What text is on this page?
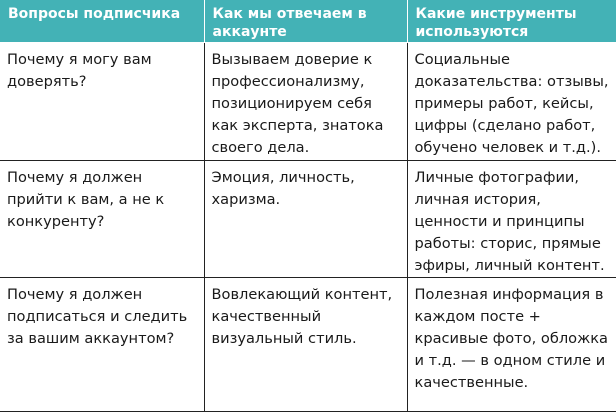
Вопросы подписчика	Как мы отвечаем в аккаунте	Какие инструменты используются
Почему я могу вам доверять?	Вызываем доверие к профессионализму, позиционируем себя как эксперта, знатока своего дела.	Социальные доказательства: отзывы, примеры работ, кейсы, цифры (сделано работ, обучено человек и т.д.).
Почему я должен прийти к вам, а не к конкуренту?	Эмоция, личность, харизма.	Личные фотографии, личная история, ценности и принципы работы: сторис, прямые эфиры, личный контент.
Почему я должен подписаться и следить за вашим аккаунтом?	Вовлекающий контент, качественный визуальный стиль.	Полезная информация в каждом посте + красивые фото, обложка и т.д. — в одном стиле и качественные.
